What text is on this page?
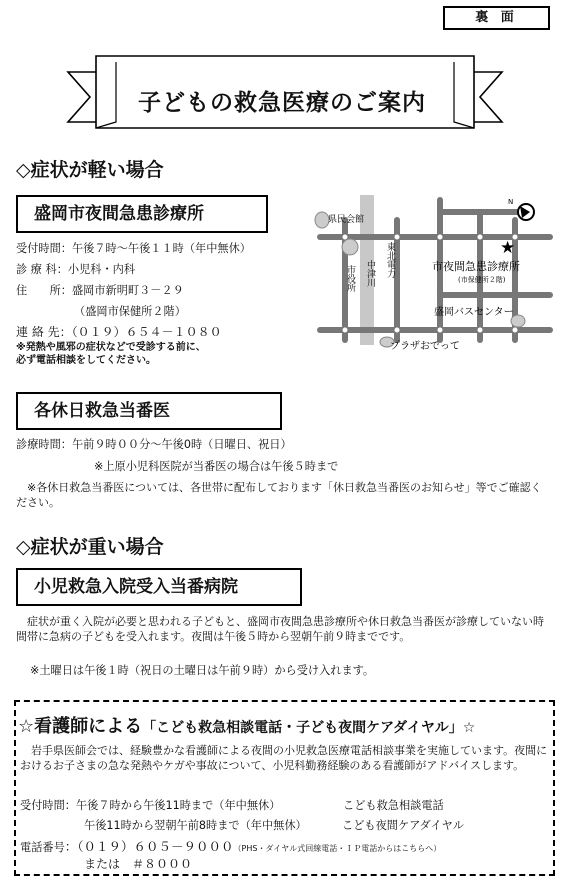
裏 面
子どもの救急医療のご案内
◇症状が軽い場合
盛岡市夜間急患診療所
受付時間：午後７時～午後１１時（年中無休）
診 療 科：小児科・内科
住　　所：盛岡市新明町３－２９
（盛岡市保健所２階）
連 絡 先：（０１９）６５４－１０８０
※発熱や風邪の症状などで受診する前に、
必ず電話相談をしてください。
県民会館
市役所 中津川 東北電力	市夜間急患診療所
(市保健所２階)
盛岡バスセンター
プラザおでって
★
N
各休日救急当番医
診療時間：午前９時００分～午後0時（日曜日、祝日）
※上原小児科医院が当番医の場合は午後５時まで
※各休日救急当番医については、各世帯に配布しております「休日救急当番医のお知らせ」等でご確認ください。
◇症状が重い場合
小児救急入院受入当番病院
症状が重く入院が必要と思われる子どもと、盛岡市夜間急患診療所や休日救急当番医が診療していない時間帯に急病の子どもを受入れます。夜間は午後５時から翌朝午前９時までです。
※土曜日は午後１時（祝日の土曜日は午前９時）から受け入れます。
☆看護師による「こども救急相談電話・子ども夜間ケアダイヤル」☆
岩手県医師会では、経験豊かな看護師による夜間の小児救急医療電話相談事業を実施しています。夜間におけるお子さまの急な発熱やケガや事故について、小児科勤務経験のある看護師がアドバイスします。
受付時間：午後７時から午後11時まで（年中無休）	こども救急相談電話
午後11時から翌朝午前8時まで（年中無休）	こども夜間ケアダイヤル
電話番号：（０１９）６０５－９０００（PHS・ダイヤル式回線電話・ＩＰ電話からはこちらへ）
または　＃８０００
